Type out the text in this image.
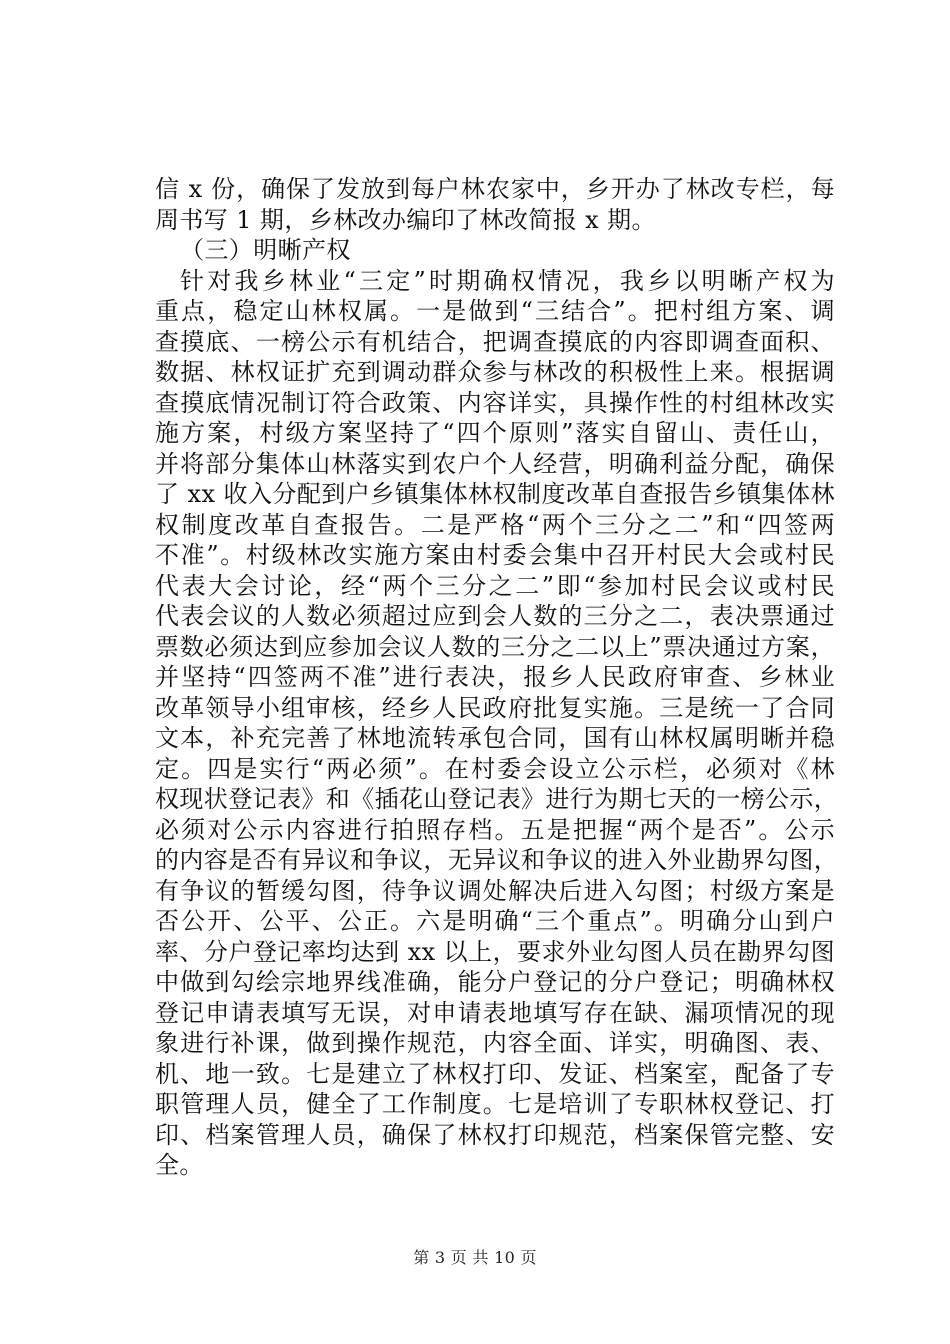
信 x 份，确保了发放到每户林农家中，乡开办了林改专栏，每
周书写 1 期，乡林改办编印了林改简报 x 期。
（三）明晰产权
针对我乡林业“三定”时期确权情况，我乡以明晰产权为
重点，稳定山林权属。一是做到“三结合”。把村组方案、调
查摸底、一榜公示有机结合，把调查摸底的内容即调查面积、
数据、林权证扩充到调动群众参与林改的积极性上来。根据调
查摸底情况制订符合政策、内容详实，具操作性的村组林改实
施方案，村级方案坚持了“四个原则”落实自留山、责任山，
并将部分集体山林落实到农户个人经营，明确利益分配，确保
了 xx 收入分配到户乡镇集体林权制度改革自查报告乡镇集体林
权制度改革自查报告。二是严格“两个三分之二”和“四签两
不准”。村级林改实施方案由村委会集中召开村民大会或村民
代表大会讨论，经“两个三分之二”即“参加村民会议或村民
代表会议的人数必须超过应到会人数的三分之二，表决票通过
票数必须达到应参加会议人数的三分之二以上”票决通过方案，
并坚持“四签两不准”进行表决，报乡人民政府审查、乡林业
改革领导小组审核，经乡人民政府批复实施。三是统一了合同
文本，补充完善了林地流转承包合同，国有山林权属明晰并稳
定。四是实行“两必须”。在村委会设立公示栏，必须对《林
权现状登记表》和《插花山登记表》进行为期七天的一榜公示，
必须对公示内容进行拍照存档。五是把握“两个是否”。公示
的内容是否有异议和争议，无异议和争议的进入外业勘界勾图，
有争议的暂缓勾图，待争议调处解决后进入勾图；村级方案是
否公开、公平、公正。六是明确“三个重点”。明确分山到户
率、分户登记率均达到 xx 以上，要求外业勾图人员在勘界勾图
中做到勾绘宗地界线准确，能分户登记的分户登记；明确林权
登记申请表填写无误，对申请表地填写存在缺、漏项情况的现
象进行补课，做到操作规范，内容全面、详实，明确图、表、
机、地一致。七是建立了林权打印、发证、档案室，配备了专
职管理人员，健全了工作制度。七是培训了专职林权登记、打
印、档案管理人员，确保了林权打印规范，档案保管完整、安
全。
第 3 页 共 10 页
